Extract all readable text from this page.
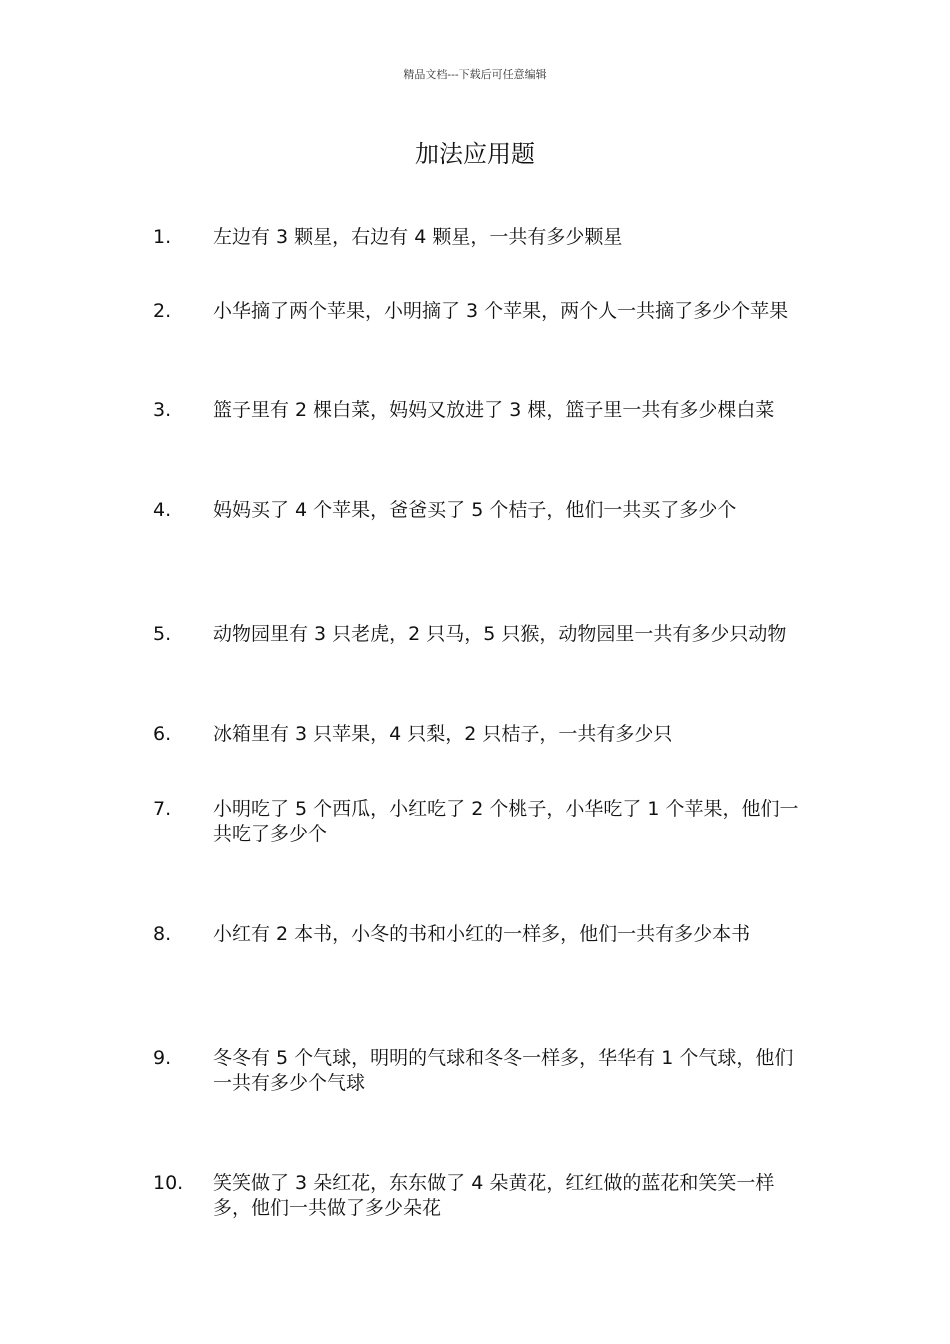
精品文档---下载后可任意编辑
加法应用题
1.	左边有 3 颗星，右边有 4 颗星，一共有多少颗星
2.	小华摘了两个苹果，小明摘了 3 个苹果，两个人一共摘了多少个苹果
3.	篮子里有 2 棵白菜，妈妈又放进了 3 棵，篮子里一共有多少棵白菜
4.	妈妈买了 4 个苹果，爸爸买了 5 个桔子，他们一共买了多少个
5.	动物园里有 3 只老虎，2 只马，5 只猴，动物园里一共有多少只动物
6.	冰箱里有 3 只苹果，4 只梨，2 只桔子，一共有多少只
7.	小明吃了 5 个西瓜，小红吃了 2 个桃子，小华吃了 1 个苹果，他们一共吃了多少个
8.	小红有 2 本书，小冬的书和小红的一样多，他们一共有多少本书
9.	冬冬有 5 个气球，明明的气球和冬冬一样多，华华有 1 个气球，他们一共有多少个气球
10.	笑笑做了 3 朵红花，东东做了 4 朵黄花，红红做的蓝花和笑笑一样多，他们一共做了多少朵花
